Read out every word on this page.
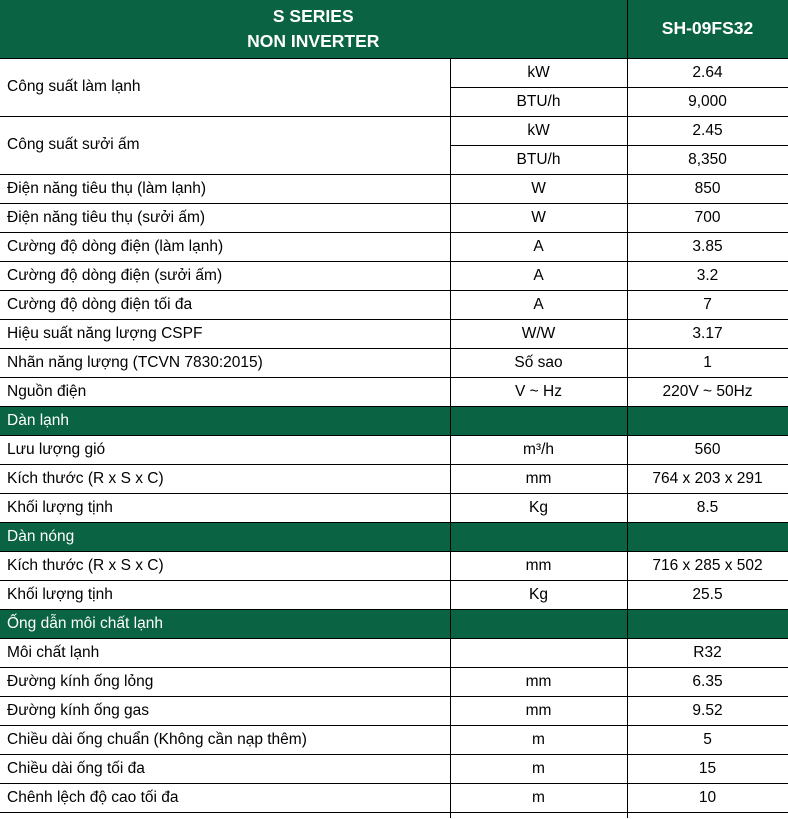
S SERIES
NON INVERTER		SH-09FS32
Công suất làm lạnh	kW	2.64
	BTU/h	9,000
Công suất sưởi ấm	kW	2.45
	BTU/h	8,350
Điện năng tiêu thụ (làm lạnh)	W	850
Điện năng tiêu thụ (sưởi ấm)	W	700
Cường độ dòng điện (làm lạnh)	A	3.85
Cường độ dòng điện (sưởi ấm)	A	3.2
Cường độ dòng điện tối đa	A	7
Hiệu suất năng lượng CSPF	W/W	3.17
Nhãn năng lượng (TCVN 7830:2015)	Số sao	1
Nguồn điện	V ~ Hz	220V ~ 50Hz
Dàn lạnh		
Lưu lượng gió	m³/h	560
Kích thước (R x S x C)	mm	764 x 203 x 291
Khối lượng tịnh	Kg	8.5
Dàn nóng		
Kích thước (R x S x C)	mm	716 x 285 x 502
Khối lượng tịnh	Kg	25.5
Ống dẫn môi chất lạnh		
Môi chất lạnh		R32
Đường kính ống lỏng	mm	6.35
Đường kính ống gas	mm	9.52
Chiều dài ống chuẩn (Không cần nạp thêm)	m	5
Chiều dài ống tối đa	m	15
Chênh lệch độ cao tối đa	m	10
